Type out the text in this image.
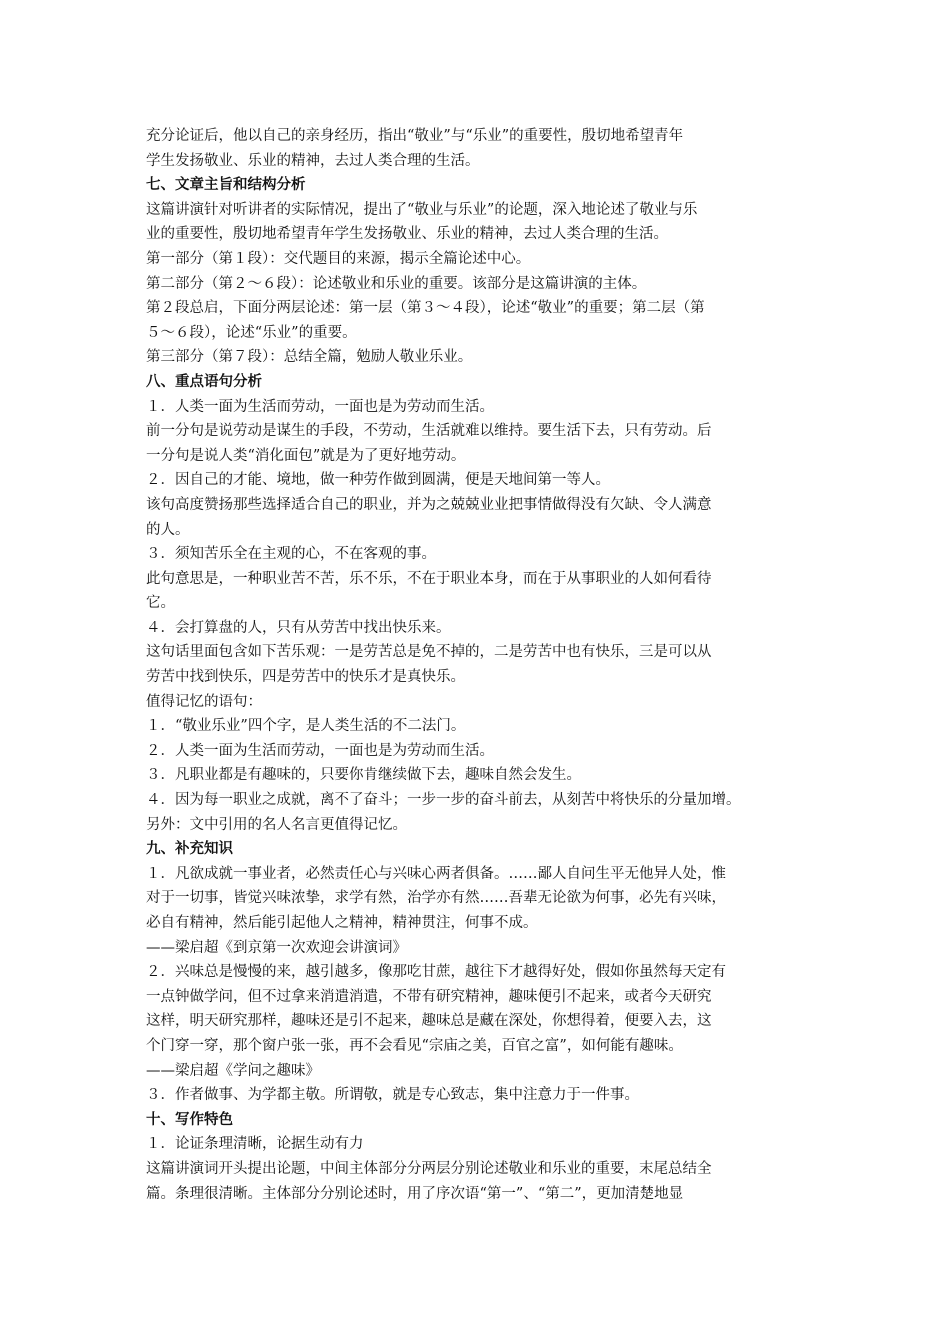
充分论证后，他以自己的亲身经历，指出“敬业”与“乐业”的重要性，殷切地希望青年
学生发扬敬业、乐业的精神，去过人类合理的生活。
七、文章主旨和结构分析
这篇讲演针对听讲者的实际情况，提出了“敬业与乐业”的论题，深入地论述了敬业与乐
业的重要性，殷切地希望青年学生发扬敬业、乐业的精神，去过人类合理的生活。
第一部分（第１段）：交代题目的来源，揭示全篇论述中心。
第二部分（第２～６段）：论述敬业和乐业的重要。该部分是这篇讲演的主体。
第２段总启，下面分两层论述：第一层（第３～４段），论述“敬业”的重要；第二层（第
５～６段），论述“乐业”的重要。
第三部分（第７段）：总结全篇，勉励人敬业乐业。
八、重点语句分析
１．人类一面为生活而劳动，一面也是为劳动而生活。
前一分句是说劳动是谋生的手段，不劳动，生活就难以维持。要生活下去，只有劳动。后
一分句是说人类“消化面包”就是为了更好地劳动。
２．因自己的才能、境地，做一种劳作做到圆满，便是天地间第一等人。
该句高度赞扬那些选择适合自己的职业，并为之兢兢业业把事情做得没有欠缺、令人满意
的人。
３．须知苦乐全在主观的心，不在客观的事。
此句意思是，一种职业苦不苦，乐不乐，不在于职业本身，而在于从事职业的人如何看待
它。
４．会打算盘的人，只有从劳苦中找出快乐来。
这句话里面包含如下苦乐观：一是劳苦总是免不掉的，二是劳苦中也有快乐，三是可以从
劳苦中找到快乐，四是劳苦中的快乐才是真快乐。
值得记忆的语句：
１．“敬业乐业”四个字，是人类生活的不二法门。
２．人类一面为生活而劳动，一面也是为劳动而生活。
３．凡职业都是有趣味的，只要你肯继续做下去，趣味自然会发生。
４．因为每一职业之成就，离不了奋斗；一步一步的奋斗前去，从刻苦中将快乐的分量加增。
另外：文中引用的名人名言更值得记忆。
九、补充知识
１．凡欲成就一事业者，必然责任心与兴味心两者俱备。……鄙人自问生平无他异人处，惟
对于一切事，皆觉兴味浓挚，求学有然，治学亦有然……吾辈无论欲为何事，必先有兴味，
必自有精神，然后能引起他人之精神，精神贯注，何事不成。
——梁启超《到京第一次欢迎会讲演词》
２．兴味总是慢慢的来，越引越多，像那吃甘蔗，越往下才越得好处，假如你虽然每天定有
一点钟做学问，但不过拿来消遣消遣，不带有研究精神，趣味便引不起来，或者今天研究
这样，明天研究那样，趣味还是引不起来，趣味总是藏在深处，你想得着，便要入去，这
个门穿一穿，那个窗户张一张，再不会看见“宗庙之美，百官之富”，如何能有趣味。
——梁启超《学问之趣味》
３．作者做事、为学都主敬。所谓敬，就是专心致志，集中注意力于一件事。
十、写作特色
１．论证条理清晰，论据生动有力
这篇讲演词开头提出论题，中间主体部分分两层分别论述敬业和乐业的重要，末尾总结全
篇。条理很清晰。主体部分分别论述时，用了序次语“第一”、“第二”，更加清楚地显
